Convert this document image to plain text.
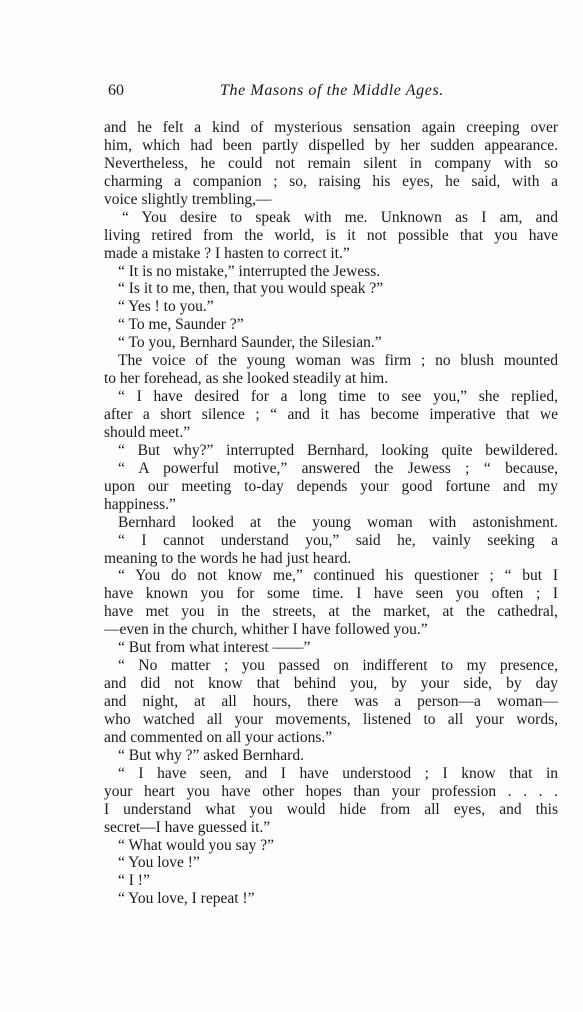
60	The Masons of the Middle Ages.
and he felt a kind of mysterious sensation again creeping over
him, which had been partly dispelled by her sudden appearance.
Nevertheless, he could not remain silent in company with so
charming a companion ; so, raising his eyes, he said, with a
voice slightly trembling,—
“ You desire to speak with me. Unknown as I am, and
living retired from the world, is it not possible that you have
made a mistake ? I hasten to correct it.”
“ It is no mistake,” interrupted the Jewess.
“ Is it to me, then, that you would speak ?”
“ Yes ! to you.”
“ To me, Saunder ?”
“ To you, Bernhard Saunder, the Silesian.”
The voice of the young woman was firm ; no blush mounted
to her forehead, as she looked steadily at him.
“ I have desired for a long time to see you,” she replied,
after a short silence ; “ and it has become imperative that we
should meet.”
“ But why?” interrupted Bernhard, looking quite bewildered.
“ A powerful motive,” answered the Jewess ; “ because,
upon our meeting to-day depends your good fortune and my
happiness.”
Bernhard looked at the young woman with astonishment.
“ I cannot understand you,” said he, vainly seeking a
meaning to the words he had just heard.
“ You do not know me,” continued his questioner ; “ but I
have known you for some time. I have seen you often ; I
have met you in the streets, at the market, at the cathedral,
—even in the church, whither I have followed you.”
“ But from what interest ——”
“ No matter ; you passed on indifferent to my presence,
and did not know that behind you, by your side, by day
and night, at all hours, there was a person—a woman—
who watched all your movements, listened to all your words,
and commented on all your actions.”
“ But why ?” asked Bernhard.
“ I have seen, and I have understood ; I know that in
your heart you have other hopes than your profession . . . .
I understand what you would hide from all eyes, and this
secret—I have guessed it.”
“ What would you say ?”
“ You love !”
“ I !”
“ You love, I repeat !”
